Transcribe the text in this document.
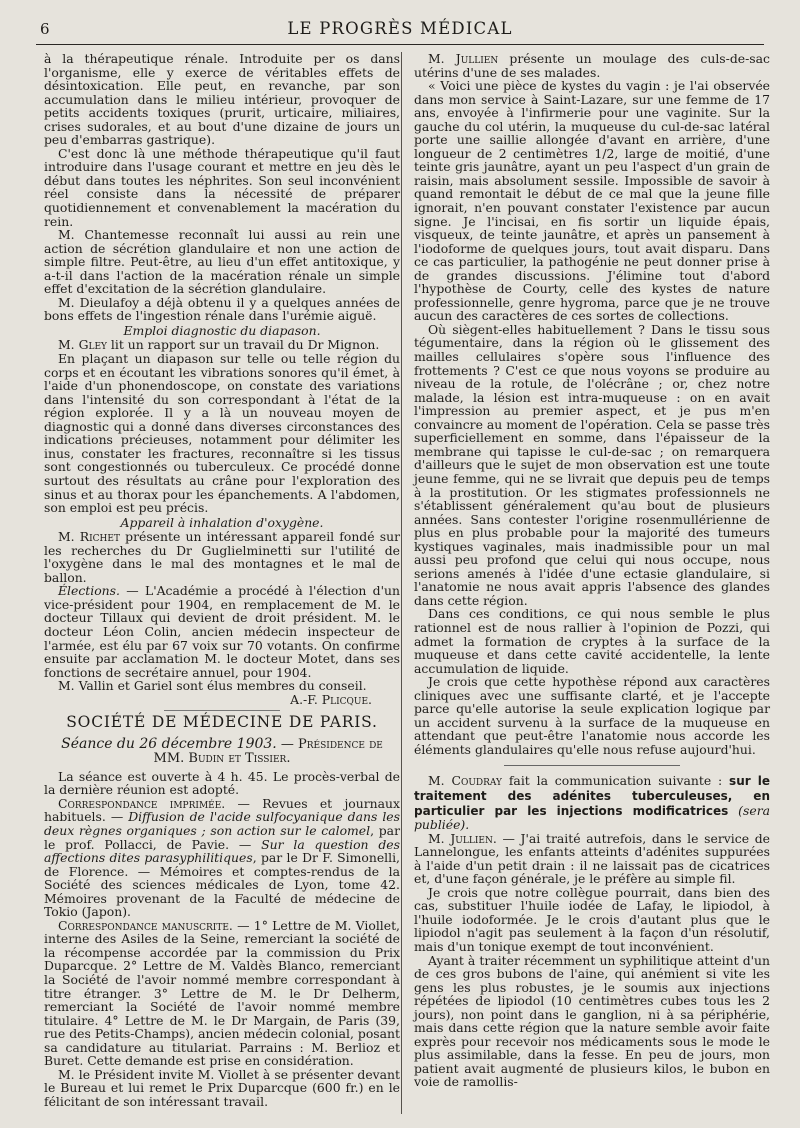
6	LE PROGRÈS MÉDICAL

à la thérapeutique rénale. Introduite per os dans l'organisme, elle y exerce de véritables effets de désintoxication. Elle peut, en revanche, par son accumulation dans le milieu intérieur, provoquer de petits accidents toxiques (prurit, urticaire, miliaires, crises sudorales, et au bout d'une dizaine de jours un peu d'embarras gastrique).

C'est donc là une méthode thérapeutique qu'il faut introduire dans l'usage courant et mettre en jeu dès le début dans toutes les néphrites. Son seul inconvénient réel consiste dans la nécessité de préparer quotidiennement et convenablement la macération du rein.

M. Chantemesse reconnaît lui aussi au rein une action de sécrétion glandulaire et non une action de simple filtre. Peut-être, au lieu d'un effet antitoxique, y a-t-il dans l'action de la macération rénale un simple effet d'excitation de la sécrétion glandulaire.

M. Dieulafoy a déjà obtenu il y a quelques années de bons effets de l'ingestion rénale dans l'urémie aiguë.

Emploi diagnostic du diapason.

M. Gley lit un rapport sur un travail du Dr Mignon.

En plaçant un diapason sur telle ou telle région du corps et en écoutant les vibrations sonores qu'il émet, à l'aide d'un phonendoscope, on constate des variations dans l'intensité du son correspondant à l'état de la région explorée. Il y a là un nouveau moyen de diagnostic qui a donné dans diverses circonstances des indications précieuses, notamment pour délimiter les inus, constater les fractures, reconnaître si les tissus sont congestionnés ou tuberculeux. Ce procédé donne surtout des résultats au crâne pour l'exploration des sinus et au thorax pour les épanchements. A l'abdomen, son emploi est peu précis.

Appareil à inhalation d'oxygène.

M. Richet présente un intéressant appareil fondé sur les recherches du Dr Guglielminetti sur l'utilité de l'oxygène dans le mal des montagnes et le mal de ballon.

Élections. — L'Académie a procédé à l'élection d'un vice-président pour 1904, en remplacement de M. le docteur Tillaux qui devient de droit président. M. le docteur Léon Colin, ancien médecin inspecteur de l'armée, est élu par 67 voix sur 70 votants. On confirme ensuite par acclamation M. le docteur Motet, dans ses fonctions de secrétaire annuel, pour 1904.

M. Vallin et Gariel sont élus membres du conseil.

A.-F. Plicque.

SOCIÉTÉ DE MÉDECINE DE PARIS.

Séance du 26 décembre 1903. — Présidence de MM. Budin et Tissier.

La séance est ouverte à 4 h. 45. Le procès-verbal de la dernière réunion est adopté.

Correspondance imprimée. — Revues et journaux habituels. — Diffusion de l'acide sulfocyanique dans les deux règnes organiques ; son action sur le calomel, par le prof. Pollacci, de Pavie. — Sur la question des affections dites parasyphilitiques, par le Dr F. Simonelli, de Florence. — Mémoires et comptes-rendus de la Société des sciences médicales de Lyon, tome 42. Mémoires provenant de la Faculté de médecine de Tokio (Japon).

Correspondance manuscrite. — 1° Lettre de M. Viollet, interne des Asiles de la Seine, remerciant la société de la récompense accordée par la commission du Prix Duparcque. 2° Lettre de M. Valdès Blanco, remerciant la Société de l'avoir nommé membre correspondant à titre étranger. 3° Lettre de M. le Dr Delherm, remerciant la Société de l'avoir nommé membre titulaire. 4° Lettre de M. le Dr Margain, de Paris (39, rue des Petits-Champs), ancien médecin colonial, posant sa candidature au titulariat. Parrains : M. Berlioz et Buret. Cette demande est prise en considération.

M. le Président invite M. Viollet à se présenter devant le Bureau et lui remet le Prix Duparcque (600 fr.) en le félicitant de son intéressant travail.

M. Jullien présente un moulage des culs-de-sac utérins d'une de ses malades.

« Voici une pièce de kystes du vagin : je l'ai observée dans mon service à Saint-Lazare, sur une femme de 17 ans, envoyée à l'infirmerie pour une vaginite. Sur la gauche du col utérin, la muqueuse du cul-de-sac latéral porte une saillie allongée d'avant en arrière, d'une longueur de 2 centimètres 1/2, large de moitié, d'une teinte gris jaunâtre, ayant un peu l'aspect d'un grain de raisin, mais absolument sessile. Impossible de savoir à quand remontait le début de ce mal que la jeune fille ignorait, n'en pouvant constater l'existence par aucun signe. Je l'incisai, en fis sortir un liquide épais, visqueux, de teinte jaunâtre, et après un pansement à l'iodoforme de quelques jours, tout avait disparu. Dans ce cas particulier, la pathogénie ne peut donner prise à de grandes discussions. J'élimine tout d'abord l'hypothèse de Courty, celle des kystes de nature professionnelle, genre hygroma, parce que je ne trouve aucun des caractères de ces sortes de collections.

Où siègent-elles habituellement ? Dans le tissu sous tégumentaire, dans la région où le glissement des mailles cellulaires s'opère sous l'influence des frottements ? C'est ce que nous voyons se produire au niveau de la rotule, de l'olécrâne ; or, chez notre malade, la lésion est intra-muqueuse : on en avait l'impression au premier aspect, et je pus m'en convaincre au moment de l'opération. Cela se passe très superficiellement en somme, dans l'épaisseur de la membrane qui tapisse le cul-de-sac ; on remarquera d'ailleurs que le sujet de mon observation est une toute jeune femme, qui ne se livrait que depuis peu de temps à la prostitution. Or les stigmates professionnels ne s'établissent généralement qu'au bout de plusieurs années. Sans contester l'origine rosenmullérienne de plus en plus probable pour la majorité des tumeurs kystiques vaginales, mais inadmissible pour un mal aussi peu profond que celui qui nous occupe, nous serions amenés à l'idée d'une ectasie glandulaire, si l'anatomie ne nous avait appris l'absence des glandes dans cette région.

Dans ces conditions, ce qui nous semble le plus rationnel est de nous rallier à l'opinion de Pozzi, qui admet la formation de cryptes à la surface de la muqueuse et dans cette cavité accidentelle, la lente accumulation de liquide.

Je crois que cette hypothèse répond aux caractères cliniques avec une suffisante clarté, et je l'accepte parce qu'elle autorise la seule explication logique par un accident survenu à la surface de la muqueuse en attendant que peut-être l'anatomie nous accorde les éléments glandulaires qu'elle nous refuse aujourd'hui.

M. Coudray fait la communication suivante : sur le traitement des adénites tuberculeuses, en particulier par les injections modificatrices (sera publiée).

M. Jullien. — J'ai traité autrefois, dans le service de Lannelongue, les enfants atteints d'adénites suppurées à l'aide d'un petit drain : il ne laissait pas de cicatrices et, d'une façon générale, je le préfère au simple fil.

Je crois que notre collègue pourrait, dans bien des cas, substituer l'huile iodée de Lafay, le lipiodol, à l'huile iodoformée. Je le crois d'autant plus que le lipiodol n'agit pas seulement à la façon d'un résolutif, mais d'un tonique exempt de tout inconvénient.

Ayant à traiter récemment un syphilitique atteint d'un de ces gros bubons de l'aine, qui anémient si vite les gens les plus robustes, je le soumis aux injections répétées de lipiodol (10 centimètres cubes tous les 2 jours), non point dans le ganglion, ni à sa périphérie, mais dans cette région que la nature semble avoir faite exprès pour recevoir nos médicaments sous le mode le plus assimilable, dans la fesse. En peu de jours, mon patient avait augmenté de plusieurs kilos, le bubon en voie de ramollis-
